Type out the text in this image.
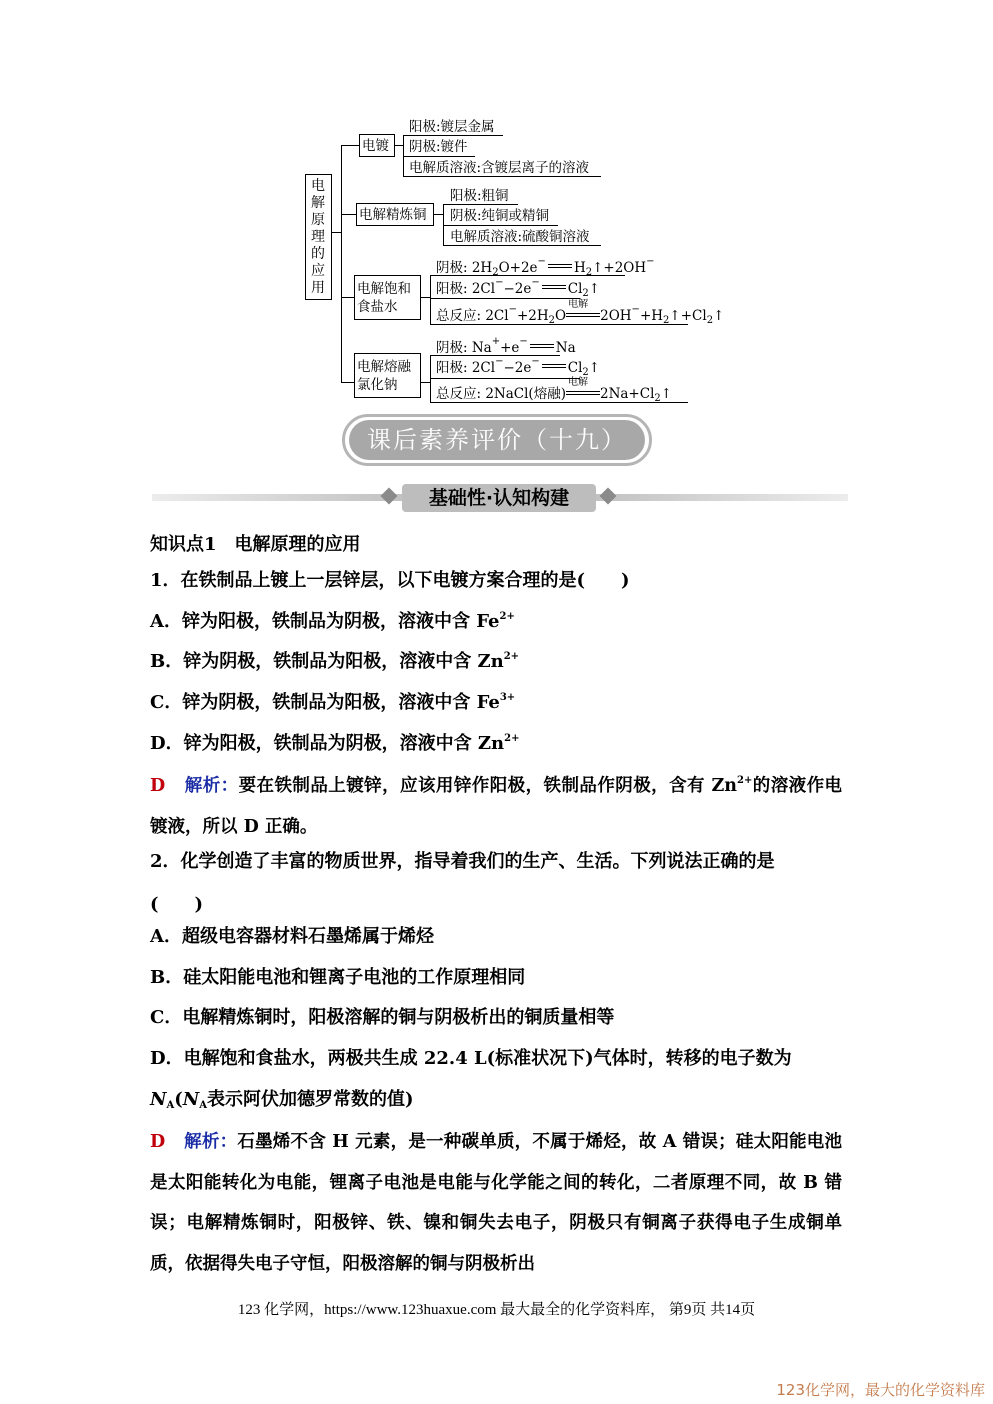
电解原理的应用
电镀
阳极:镀层金属
阴极:镀件
电解质溶液:含镀层离子的溶液
电解精炼铜
阳极:粗铜
阴极:纯铜或精铜
电解质溶液:硫酸铜溶液
电解饱和
食盐水
阴极: $2H_2O+2e^-$ $H_2↑+2OH^-$
阳极: 2Cl−−2e− $Cl_2↑$
总反应: $2Cl^-+2H_2O$
电解
$2OH^-+H_2↑+Cl_2↑$
电解熔融
氯化钠
阴极: Na++e− Na
阳极: 2Cl−−2e− $Cl_2↑$
总反应: 2NaCl(熔融)
电解
$2Na+Cl_2↑$
课后素养评价（十九）
基础性·认知构建
知识点1　电解原理的应用
1．在铁制品上镀上一层锌层，以下电镀方案合理的是(　　)
A．锌为阳极，铁制品为阴极，溶液中含 $Fe^{2+}$
B．锌为阴极，铁制品为阳极，溶液中含 $Zn^{2+}$
C．锌为阴极，铁制品为阳极，溶液中含 $Fe^{3+}$
D．锌为阳极，铁制品为阴极，溶液中含 $Zn^{2+}$
D 解析：要在铁制品上镀锌，应该用锌作阳极，铁制品作阴极，含有 $Zn^{2+}$的溶液作电镀液，所以 D 正确。
2．化学创造了丰富的物质世界，指导着我们的生产、生活。下列说法正确的是
(　　)
A．超级电容器材料石墨烯属于烯烃
B．硅太阳能电池和锂离子电池的工作原理相同
C．电解精炼铜时，阳极溶解的铜与阴极析出的铜质量相等
D．电解饱和食盐水，两极共生成 22.4 L(标准状况下)气体时，转移的电子数为
$N_A(N_A$表示阿伏加德罗常数的值)
D 解析：石墨烯不含 H 元素，是一种碳单质，不属于烯烃，故 A 错误；硅太阳能电池是太阳能转化为电能，锂离子电池是电能与化学能之间的转化，二者原理不同，故 B 错误；电解精炼铜时，阳极锌、铁、镍和铜失去电子，阴极只有铜离子获得电子生成铜单质，依据得失电子守恒，阳极溶解的铜与阴极析出
123 化学网，https://www.123huaxue.com 最大最全的化学资料库， 第9页 共14页
123化学网，最大的化学资料库
